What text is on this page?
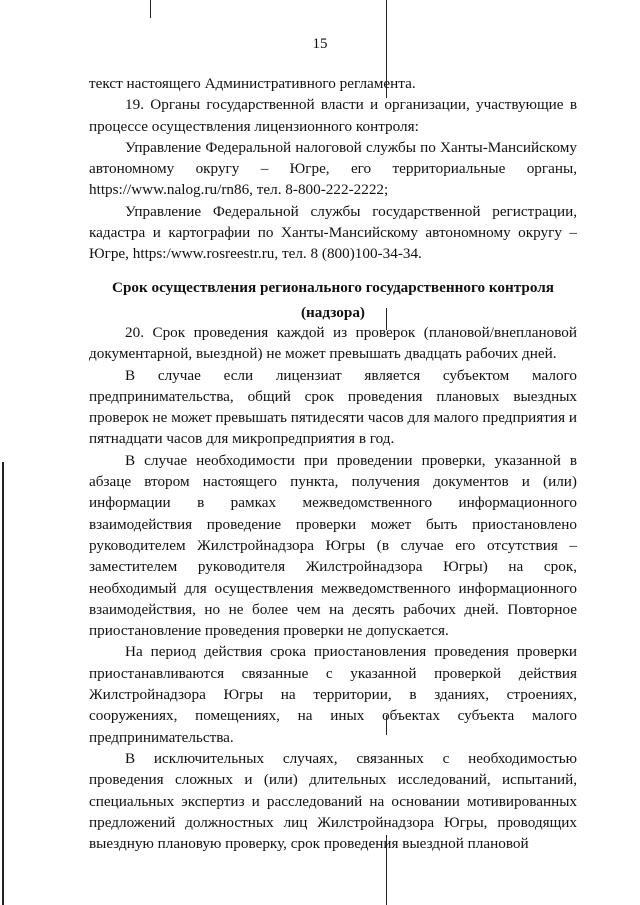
15

текст настоящего Административного регламента.

19. Органы государственной власти и организации, участвующие в процессе осуществления лицензионного контроля:

Управление Федеральной налоговой службы по Ханты-Мансийскому автономному округу – Югре, его территориальные органы, https://www.nalog.ru/rn86, тел. 8-800-222-2222;

Управление Федеральной службы государственной регистрации, кадастра и картографии по Ханты-Мансийскому автономному округу – Югре, https:/www.rosreestr.ru, тел. 8 (800)100-34-34.

Срок осуществления регионального государственного контроля
(надзора)

20. Срок проведения каждой из проверок (плановой/внеплановой документарной, выездной) не может превышать двадцать рабочих дней.

В случае если лицензиат является субъектом малого предпринимательства, общий срок проведения плановых выездных проверок не может превышать пятидесяти часов для малого предприятия и пятнадцати часов для микропредприятия в год.

В случае необходимости при проведении проверки, указанной в абзаце втором настоящего пункта, получения документов и (или) информации в рамках межведомственного информационного взаимодействия проведение проверки может быть приостановлено руководителем Жилстройнадзора Югры (в случае его отсутствия – заместителем руководителя Жилстройнадзора Югры) на срок, необходимый для осуществления межведомственного информационного взаимодействия, но не более чем на десять рабочих дней. Повторное приостановление проведения проверки не допускается.

На период действия срока приостановления проведения проверки приостанавливаются связанные с указанной проверкой действия Жилстройнадзора Югры на территории, в зданиях, строениях, сооружениях, помещениях, на иных объектах субъекта малого предпринимательства.

В исключительных случаях, связанных с необходимостью проведения сложных и (или) длительных исследований, испытаний, специальных экспертиз и расследований на основании мотивированных предложений должностных лиц Жилстройнадзора Югры, проводящих выездную плановую проверку, срок проведения выездной плановой
